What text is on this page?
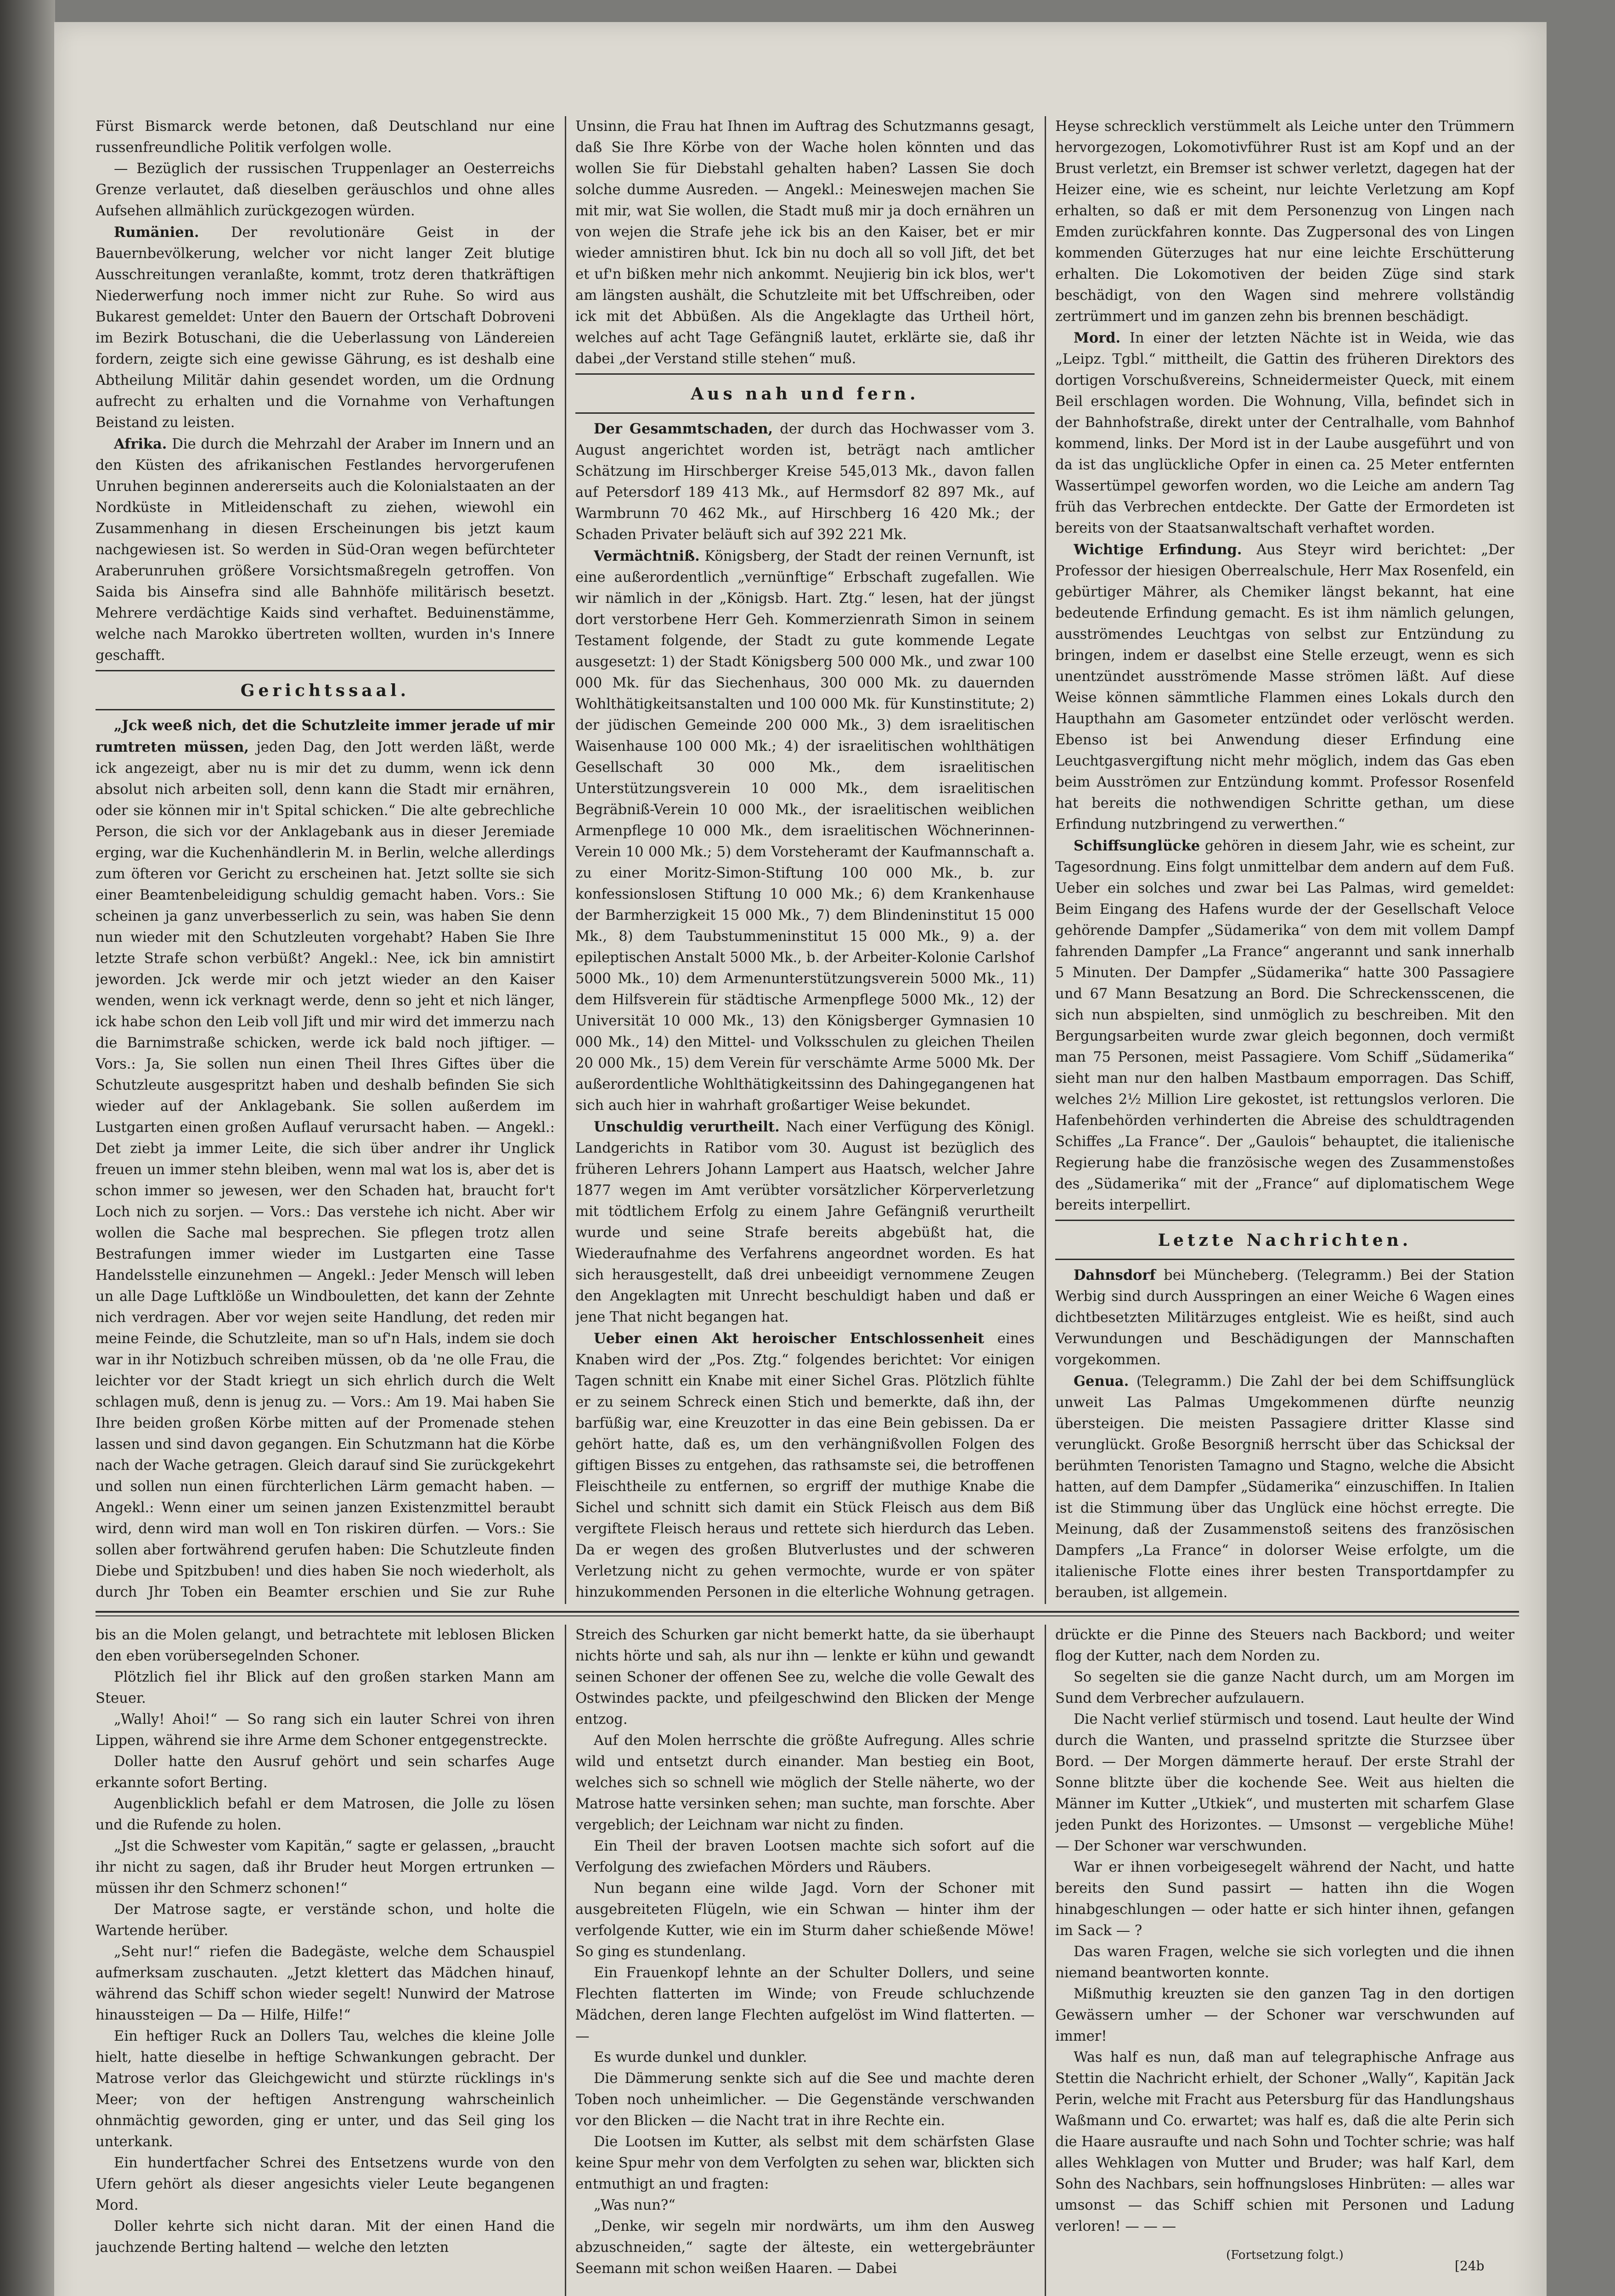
Fürst Bismarck werde betonen, daß Deutschland nur eine russenfreundliche Politik verfolgen wolle.

— Bezüglich der russischen Truppenlager an Oesterreichs Grenze verlautet, daß dieselben geräuschlos und ohne alles Aufsehen allmählich zurückgezogen würden.

Rumänien. Der revolutionäre Geist in der Bauernbevölkerung, welcher vor nicht langer Zeit blutige Ausschreitungen veranlaßte, kommt, trotz deren thatkräftigen Niederwerfung noch immer nicht zur Ruhe. So wird aus Bukarest gemeldet: Unter den Bauern der Ortschaft Dobroveni im Bezirk Botuschani, die die Ueberlassung von Ländereien fordern, zeigte sich eine gewisse Gährung, es ist deshalb eine Abtheilung Militär dahin gesendet worden, um die Ordnung aufrecht zu erhalten und die Vornahme von Verhaftungen Beistand zu leisten.

Afrika. Die durch die Mehrzahl der Araber im Innern und an den Küsten des afrikanischen Festlandes hervorgerufenen Unruhen beginnen andererseits auch die Kolonialstaaten an der Nordküste in Mitleidenschaft zu ziehen, wiewohl ein Zusammenhang in diesen Erscheinungen bis jetzt kaum nachgewiesen ist. So werden in Süd-Oran wegen befürchteter Araberunruhen größere Vorsichtsmaßregeln getroffen. Von Saida bis Ainsefra sind alle Bahnhöfe militärisch besetzt. Mehrere verdächtige Kaids sind verhaftet. Beduinenstämme, welche nach Marokko übertreten wollten, wurden in's Innere geschafft.

Gerichtssaal.

„Jck weeß nich, det die Schutzleite immer jerade uf mir rumtreten müssen, jeden Dag, den Jott werden läßt, werde ick angezeigt, aber nu is mir det zu dumm, wenn ick denn absolut nich arbeiten soll, denn kann die Stadt mir ernähren, oder sie können mir in't Spital schicken.“ Die alte gebrechliche Person, die sich vor der Anklagebank aus in dieser Jeremiade erging, war die Kuchenhändlerin M. in Berlin, welche allerdings zum öfteren vor Gericht zu erscheinen hat. Jetzt sollte sie sich einer Beamtenbeleidigung schuldig gemacht haben. Vors.: Sie scheinen ja ganz unverbesserlich zu sein, was haben Sie denn nun wieder mit den Schutzleuten vorgehabt? Haben Sie Ihre letzte Strafe schon verbüßt? Angekl.: Nee, ick bin amnistirt jeworden. Jck werde mir och jetzt wieder an den Kaiser wenden, wenn ick verknagt werde, denn so jeht et nich länger, ick habe schon den Leib voll Jift und mir wird det immerzu nach die Barnimstraße schicken, werde ick bald noch jiftiger. — Vors.: Ja, Sie sollen nun einen Theil Ihres Giftes über die Schutzleute ausgespritzt haben und deshalb befinden Sie sich wieder auf der Anklagebank. Sie sollen außerdem im Lustgarten einen großen Auflauf verursacht haben. — Angekl.: Det ziebt ja immer Leite, die sich über andrer ihr Unglick freuen un immer stehn bleiben, wenn mal wat los is, aber det is schon immer so jewesen, wer den Schaden hat, braucht for't Loch nich zu sorjen. — Vors.: Das verstehe ich nicht. Aber wir wollen die Sache mal besprechen. Sie pflegen trotz allen Bestrafungen immer wieder im Lustgarten eine Tasse Handelsstelle einzunehmen — Angekl.: Jeder Mensch will leben un alle Dage Luftklöße un Windbouletten, det kann der Zehnte nich verdragen. Aber vor wejen seite Handlung, det reden mir meine Feinde, die Schutzleite, man so uf'n Hals, indem sie doch war in ihr Notizbuch schreiben müssen, ob da 'ne olle Frau, die leichter vor der Stadt kriegt un sich ehrlich durch die Welt schlagen muß, denn is jenug zu. — Vors.: Am 19. Mai haben Sie Ihre beiden großen Körbe mitten auf der Promenade stehen lassen und sind davon gegangen. Ein Schutzmann hat die Körbe nach der Wache getragen. Gleich darauf sind Sie zurückgekehrt und sollen nun einen fürchterlichen Lärm gemacht haben. — Angekl.: Wenn einer um seinen janzen Existenzmittel beraubt wird, denn wird man woll en Ton riskiren dürfen. — Vors.: Sie sollen aber fortwährend gerufen haben: Die Schutzleute finden Diebe und Spitzbuben! und dies haben Sie noch wiederholt, als durch Jhr Toben ein Beamter erschien und Sie zur Ruhe

Unsinn, die Frau hat Ihnen im Auftrag des Schutzmanns gesagt, daß Sie Ihre Körbe von der Wache holen könnten und das wollen Sie für Diebstahl gehalten haben? Lassen Sie doch solche dumme Ausreden. — Angekl.: Meineswejen machen Sie mit mir, wat Sie wollen, die Stadt muß mir ja doch ernähren un von wejen die Strafe jehe ick bis an den Kaiser, bet er mir wieder amnistiren bhut. Ick bin nu doch all so voll Jift, det bet et uf'n bißken mehr nich ankommt. Neujierig bin ick blos, wer't am längsten aushält, die Schutzleite mit bet Uffschreiben, oder ick mit det Abbüßen. Als die Angeklagte das Urtheil hört, welches auf acht Tage Gefängniß lautet, erklärte sie, daß ihr dabei „der Verstand stille stehen“ muß.

Aus nah und fern.

Der Gesammtschaden, der durch das Hochwasser vom 3. August angerichtet worden ist, beträgt nach amtlicher Schätzung im Hirschberger Kreise 545,013 Mk., davon fallen auf Petersdorf 189 413 Mk., auf Hermsdorf 82 897 Mk., auf Warmbrunn 70 462 Mk., auf Hirschberg 16 420 Mk.; der Schaden Privater beläuft sich auf 392 221 Mk.

Vermächtniß. Königsberg, der Stadt der reinen Vernunft, ist eine außerordentlich „vernünftige“ Erbschaft zugefallen. Wie wir nämlich in der „Königsb. Hart. Ztg.“ lesen, hat der jüngst dort verstorbene Herr Geh. Kommerzienrath Simon in seinem Testament folgende, der Stadt zu gute kommende Legate ausgesetzt: 1) der Stadt Königsberg 500 000 Mk., und zwar 100 000 Mk. für das Siechenhaus, 300 000 Mk. zu dauernden Wohlthätigkeitsanstalten und 100 000 Mk. für Kunstinstitute; 2) der jüdischen Gemeinde 200 000 Mk., 3) dem israelitischen Waisenhause 100 000 Mk.; 4) der israelitischen wohlthätigen Gesellschaft 30 000 Mk., dem israelitischen Unterstützungsverein 10 000 Mk., dem israelitischen Begräbniß-Verein 10 000 Mk., der israelitischen weiblichen Armenpflege 10 000 Mk., dem israelitischen Wöchnerinnen-Verein 10 000 Mk.; 5) dem Vorsteheramt der Kaufmannschaft a. zu einer Moritz-Simon-Stiftung 100 000 Mk., b. zur konfessionslosen Stiftung 10 000 Mk.; 6) dem Krankenhause der Barmherzigkeit 15 000 Mk., 7) dem Blindeninstitut 15 000 Mk., 8) dem Taubstummeninstitut 15 000 Mk., 9) a. der epileptischen Anstalt 5000 Mk., b. der Arbeiter-Kolonie Carlshof 5000 Mk., 10) dem Armenunterstützungsverein 5000 Mk., 11) dem Hilfsverein für städtische Armenpflege 5000 Mk., 12) der Universität 10 000 Mk., 13) den Königsberger Gymnasien 10 000 Mk., 14) den Mittel- und Volksschulen zu gleichen Theilen 20 000 Mk., 15) dem Verein für verschämte Arme 5000 Mk. Der außerordentliche Wohlthätigkeitssinn des Dahingegangenen hat sich auch hier in wahrhaft großartiger Weise bekundet.

Unschuldig verurtheilt. Nach einer Verfügung des Königl. Landgerichts in Ratibor vom 30. August ist bezüglich des früheren Lehrers Johann Lampert aus Haatsch, welcher Jahre 1877 wegen im Amt verübter vorsätzlicher Körperverletzung mit tödtlichem Erfolg zu einem Jahre Gefängniß verurtheilt wurde und seine Strafe bereits abgebüßt hat, die Wiederaufnahme des Verfahrens angeordnet worden. Es hat sich herausgestellt, daß drei unbeeidigt vernommene Zeugen den Angeklagten mit Unrecht beschuldigt haben und daß er jene That nicht begangen hat.

Ueber einen Akt heroischer Entschlossenheit eines Knaben wird der „Pos. Ztg.“ folgendes berichtet: Vor einigen Tagen schnitt ein Knabe mit einer Sichel Gras. Plötzlich fühlte er zu seinem Schreck einen Stich und bemerkte, daß ihn, der barfüßig war, eine Kreuzotter in das eine Bein gebissen. Da er gehört hatte, daß es, um den verhängnißvollen Folgen des giftigen Bisses zu entgehen, das rathsamste sei, die betroffenen Fleischtheile zu entfernen, so ergriff der muthige Knabe die Sichel und schnitt sich damit ein Stück Fleisch aus dem Biß vergiftete Fleisch heraus und rettete sich hierdurch das Leben. Da er wegen des großen Blutverlustes und der schweren Verletzung nicht zu gehen vermochte, wurde er von später hinzukommenden Personen in die elterliche Wohnung getragen.

Heyse schrecklich verstümmelt als Leiche unter den Trümmern hervorgezogen, Lokomotivführer Rust ist am Kopf und an der Brust verletzt, ein Bremser ist schwer verletzt, dagegen hat der Heizer eine, wie es scheint, nur leichte Verletzung am Kopf erhalten, so daß er mit dem Personenzug von Lingen nach Emden zurückfahren konnte. Das Zugpersonal des von Lingen kommenden Güterzuges hat nur eine leichte Erschütterung erhalten. Die Lokomotiven der beiden Züge sind stark beschädigt, von den Wagen sind mehrere vollständig zertrümmert und im ganzen zehn bis brennen beschädigt.

Mord. In einer der letzten Nächte ist in Weida, wie das „Leipz. Tgbl.“ mittheilt, die Gattin des früheren Direktors des dortigen Vorschußvereins, Schneidermeister Queck, mit einem Beil erschlagen worden. Die Wohnung, Villa, befindet sich in der Bahnhofstraße, direkt unter der Centralhalle, vom Bahnhof kommend, links. Der Mord ist in der Laube ausgeführt und von da ist das unglückliche Opfer in einen ca. 25 Meter entfernten Wassertümpel geworfen worden, wo die Leiche am andern Tag früh das Verbrechen entdeckte. Der Gatte der Ermordeten ist bereits von der Staatsanwaltschaft verhaftet worden.

Wichtige Erfindung. Aus Steyr wird berichtet: „Der Professor der hiesigen Oberrealschule, Herr Max Rosenfeld, ein gebürtiger Mährer, als Chemiker längst bekannt, hat eine bedeutende Erfindung gemacht. Es ist ihm nämlich gelungen, ausströmendes Leuchtgas von selbst zur Entzündung zu bringen, indem er daselbst eine Stelle erzeugt, wenn es sich unentzündet ausströmende Masse strömen läßt. Auf diese Weise können sämmtliche Flammen eines Lokals durch den Haupthahn am Gasometer entzündet oder verlöscht werden. Ebenso ist bei Anwendung dieser Erfindung eine Leuchtgasvergiftung nicht mehr möglich, indem das Gas eben beim Ausströmen zur Entzündung kommt. Professor Rosenfeld hat bereits die nothwendigen Schritte gethan, um diese Erfindung nutzbringend zu verwerthen.“

Schiffsunglücke gehören in diesem Jahr, wie es scheint, zur Tagesordnung. Eins folgt unmittelbar dem andern auf dem Fuß. Ueber ein solches und zwar bei Las Palmas, wird gemeldet: Beim Eingang des Hafens wurde der der Gesellschaft Veloce gehörende Dampfer „Südamerika“ von dem mit vollem Dampf fahrenden Dampfer „La France“ angerannt und sank innerhalb 5 Minuten. Der Dampfer „Südamerika“ hatte 300 Passagiere und 67 Mann Besatzung an Bord. Die Schreckensscenen, die sich nun abspielten, sind unmöglich zu beschreiben. Mit den Bergungsarbeiten wurde zwar gleich begonnen, doch vermißt man 75 Personen, meist Passagiere. Vom Schiff „Südamerika“ sieht man nur den halben Mastbaum emporragen. Das Schiff, welches 2½ Million Lire gekostet, ist rettungslos verloren. Die Hafenbehörden verhinderten die Abreise des schuldtragenden Schiffes „La France“. Der „Gaulois“ behauptet, die italienische Regierung habe die französische wegen des Zusammenstoßes des „Südamerika“ mit der „France“ auf diplomatischem Wege bereits interpellirt.

Letzte Nachrichten.

Dahnsdorf bei Müncheberg. (Telegramm.) Bei der Station Werbig sind durch Ausspringen an einer Weiche 6 Wagen eines dichtbesetzten Militärzuges entgleist. Wie es heißt, sind auch Verwundungen und Beschädigungen der Mannschaften vorgekommen.

Genua. (Telegramm.) Die Zahl der bei dem Schiffsunglück unweit Las Palmas Umgekommenen dürfte neunzig übersteigen. Die meisten Passagiere dritter Klasse sind verunglückt. Große Besorgniß herrscht über das Schicksal der berühmten Tenoristen Tamagno und Stagno, welche die Absicht hatten, auf dem Dampfer „Südamerika“ einzuschiffen. In Italien ist die Stimmung über das Unglück eine höchst erregte. Die Meinung, daß der Zusammenstoß seitens des französischen Dampfers „La France“ in dolorser Weise erfolgte, um die italienische Flotte eines ihrer besten Transportdampfer zu berauben, ist allgemein.

bis an die Molen gelangt, und betrachtete mit leblosen Blicken den eben vorübersegelnden Schoner.

Plötzlich fiel ihr Blick auf den großen starken Mann am Steuer.

„Wally! Ahoi!“ — So rang sich ein lauter Schrei von ihren Lippen, während sie ihre Arme dem Schoner entgegenstreckte.

Doller hatte den Ausruf gehört und sein scharfes Auge erkannte sofort Berting.

Augenblicklich befahl er dem Matrosen, die Jolle zu lösen und die Rufende zu holen.

„Jst die Schwester vom Kapitän,“ sagte er gelassen, „braucht ihr nicht zu sagen, daß ihr Bruder heut Morgen ertrunken — müssen ihr den Schmerz schonen!“

Der Matrose sagte, er verstände schon, und holte die Wartende herüber.

„Seht nur!“ riefen die Badegäste, welche dem Schauspiel aufmerksam zuschauten. „Jetzt klettert das Mädchen hinauf, während das Schiff schon wieder segelt! Nunwird der Matrose hinaussteigen — Da — Hilfe, Hilfe!“

Ein heftiger Ruck an Dollers Tau, welches die kleine Jolle hielt, hatte dieselbe in heftige Schwankungen gebracht. Der Matrose verlor das Gleichgewicht und stürzte rücklings in's Meer; von der heftigen Anstrengung wahrscheinlich ohnmächtig geworden, ging er unter, und das Seil ging los unterkank.

Ein hundertfacher Schrei des Entsetzens wurde von den Ufern gehört als dieser angesichts vieler Leute begangenen Mord.

Doller kehrte sich nicht daran. Mit der einen Hand die jauchzende Berting haltend — welche den letzten

Streich des Schurken gar nicht bemerkt hatte, da sie überhaupt nichts hörte und sah, als nur ihn — lenkte er kühn und gewandt seinen Schoner der offenen See zu, welche die volle Gewalt des Ostwindes packte, und pfeilgeschwind den Blicken der Menge entzog.

Auf den Molen herrschte die größte Aufregung. Alles schrie wild und entsetzt durch einander. Man bestieg ein Boot, welches sich so schnell wie möglich der Stelle näherte, wo der Matrose hatte versinken sehen; man suchte, man forschte. Aber vergeblich; der Leichnam war nicht zu finden.

Ein Theil der braven Lootsen machte sich sofort auf die Verfolgung des zwiefachen Mörders und Räubers.

Nun begann eine wilde Jagd. Vorn der Schoner mit ausgebreiteten Flügeln, wie ein Schwan — hinter ihm der verfolgende Kutter, wie ein im Sturm daher schießende Möwe! So ging es stundenlang.

Ein Frauenkopf lehnte an der Schulter Dollers, und seine Flechten flatterten im Winde; von Freude schluchzende Mädchen, deren lange Flechten aufgelöst im Wind flatterten. — —

Es wurde dunkel und dunkler.

Die Dämmerung senkte sich auf die See und machte deren Toben noch unheimlicher. — Die Gegenstände verschwanden vor den Blicken — die Nacht trat in ihre Rechte ein.

Die Lootsen im Kutter, als selbst mit dem schärfsten Glase keine Spur mehr von dem Verfolgten zu sehen war, blickten sich entmuthigt an und fragten:

„Was nun?“

„Denke, wir segeln mir nordwärts, um ihm den Ausweg abzuschneiden,“ sagte der älteste, ein wettergebräunter Seemann mit schon weißen Haaren. — Dabei

drückte er die Pinne des Steuers nach Backbord; und weiter flog der Kutter, nach dem Norden zu.

So segelten sie die ganze Nacht durch, um am Morgen im Sund dem Verbrecher aufzulauern.

Die Nacht verlief stürmisch und tosend. Laut heulte der Wind durch die Wanten, und prasselnd spritzte die Sturzsee über Bord. — Der Morgen dämmerte herauf. Der erste Strahl der Sonne blitzte über die kochende See. Weit aus hielten die Männer im Kutter „Utkiek“, und musterten mit scharfem Glase jeden Punkt des Horizontes. — Umsonst — vergebliche Mühe! — Der Schoner war verschwunden.

War er ihnen vorbeigesegelt während der Nacht, und hatte bereits den Sund passirt — hatten ihn die Wogen hinabgeschlungen — oder hatte er sich hinter ihnen, gefangen im Sack — ?

Das waren Fragen, welche sie sich vorlegten und die ihnen niemand beantworten konnte.

Mißmuthig kreuzten sie den ganzen Tag in den dortigen Gewässern umher — der Schoner war verschwunden auf immer!

Was half es nun, daß man auf telegraphische Anfrage aus Stettin die Nachricht erhielt, der Schoner „Wally“, Kapitän Jack Perin, welche mit Fracht aus Petersburg für das Handlungshaus Waßmann und Co. erwartet; was half es, daß die alte Perin sich die Haare ausraufte und nach Sohn und Tochter schrie; was half alles Wehklagen von Mutter und Bruder; was half Karl, dem Sohn des Nachbars, sein hoffnungsloses Hinbrüten: — alles war umsonst — das Schiff schien mit Personen und Ladung verloren! — — —

(Fortsetzung folgt.)
[24b
